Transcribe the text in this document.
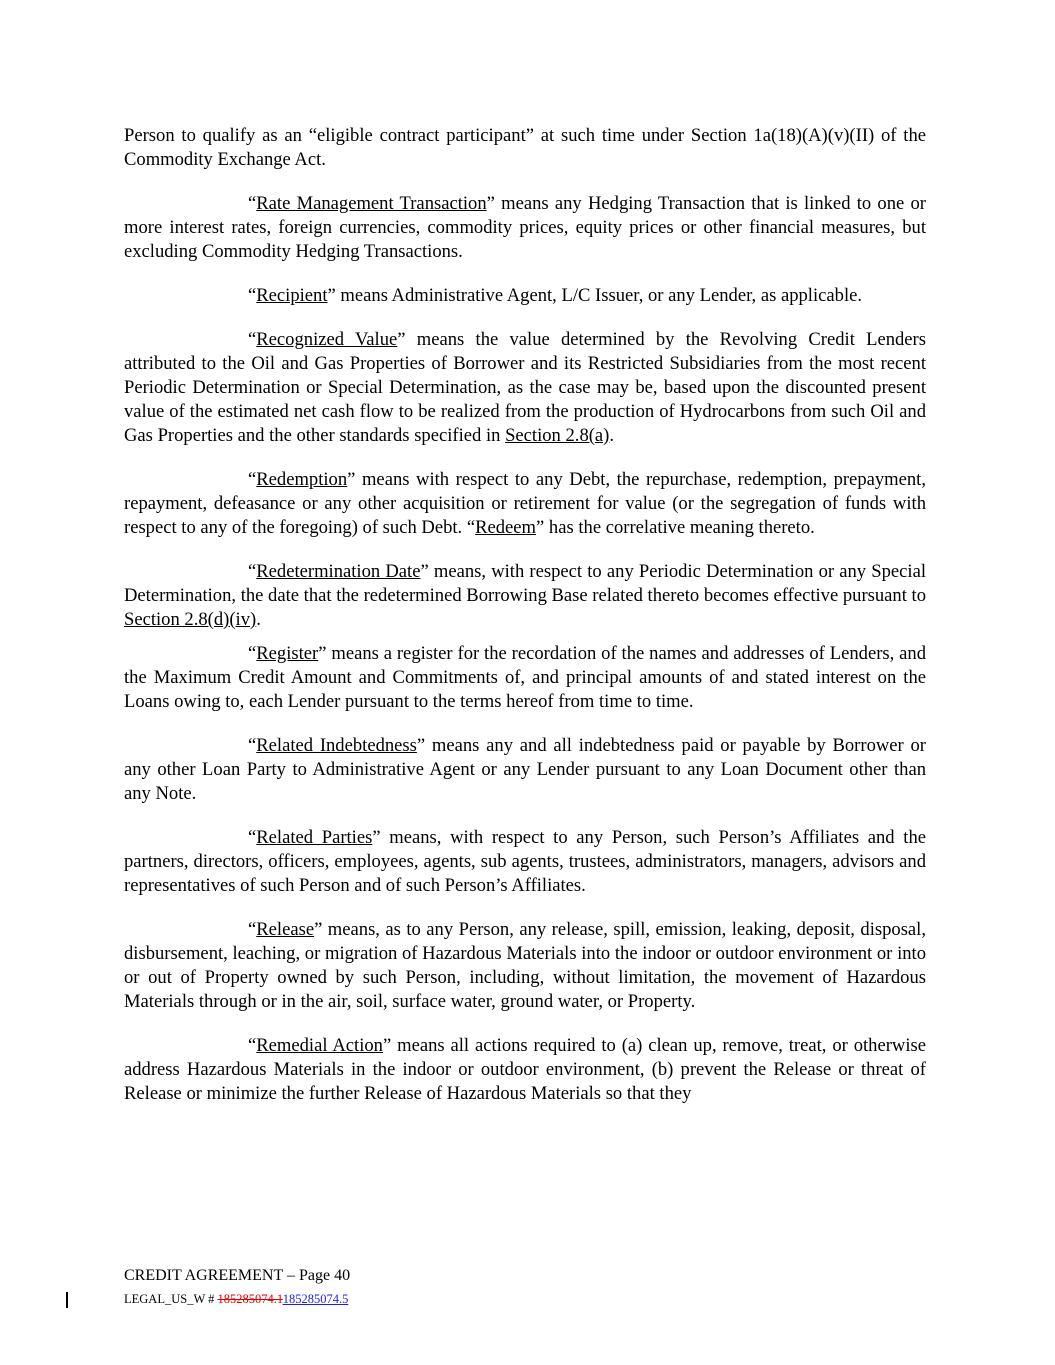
Person to qualify as an “eligible contract participant” at such time under Section 1a(18)(A)(v)(II) of the Commodity Exchange Act.

“Rate Management Transaction” means any Hedging Transaction that is linked to one or more interest rates, foreign currencies, commodity prices, equity prices or other financial measures, but excluding Commodity Hedging Transactions.

“Recipient” means Administrative Agent, L/C Issuer, or any Lender, as applicable.

“Recognized Value” means the value determined by the Revolving Credit Lenders attributed to the Oil and Gas Properties of Borrower and its Restricted Subsidiaries from the most recent Periodic Determination or Special Determination, as the case may be, based upon the discounted present value of the estimated net cash flow to be realized from the production of Hydrocarbons from such Oil and Gas Properties and the other standards specified in Section 2.8(a).

“Redemption” means with respect to any Debt, the repurchase, redemption, prepayment, repayment, defeasance or any other acquisition or retirement for value (or the segregation of funds with respect to any of the foregoing) of such Debt. “Redeem” has the correlative meaning thereto.

“Redetermination Date” means, with respect to any Periodic Determination or any Special Determination, the date that the redetermined Borrowing Base related thereto becomes effective pursuant to Section 2.8(d)(iv).

“Register” means a register for the recordation of the names and addresses of Lenders, and the Maximum Credit Amount and Commitments of, and principal amounts of and stated interest on the Loans owing to, each Lender pursuant to the terms hereof from time to time.

“Related Indebtedness” means any and all indebtedness paid or payable by Borrower or any other Loan Party to Administrative Agent or any Lender pursuant to any Loan Document other than any Note.

“Related Parties” means, with respect to any Person, such Person’s Affiliates and the partners, directors, officers, employees, agents, sub agents, trustees, administrators, managers, advisors and representatives of such Person and of such Person’s Affiliates.

“Release” means, as to any Person, any release, spill, emission, leaking, deposit, disposal, disbursement, leaching, or migration of Hazardous Materials into the indoor or outdoor environment or into or out of Property owned by such Person, including, without limitation, the movement of Hazardous Materials through or in the air, soil, surface water, ground water, or Property.

“Remedial Action” means all actions required to (a) clean up, remove, treat, or otherwise address Hazardous Materials in the indoor or outdoor environment, (b) prevent the Release or threat of Release or minimize the further Release of Hazardous Materials so that they

CREDIT AGREEMENT – Page 40
LEGAL_US_W # 185285074.1185285074.5
